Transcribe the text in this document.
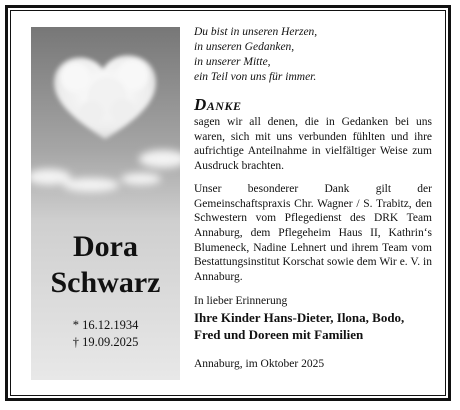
Dora
Schwarz
* 16.12.1934
† 19.09.2025
Du bist in unseren Herzen,
in unseren Gedanken,
in unserer Mitte,
ein Teil von uns für immer.
Danke

sagen wir all denen, die in Gedanken bei uns waren, sich mit uns verbunden fühlten und ihre aufrichtige Anteilnahme in vielfältiger Weise zum Ausdruck brachten.

Unser besonderer Dank gilt der Gemeinschaftspraxis Chr. Wagner / S. Trabitz, den Schwestern vom Pflegedienst des DRK Team Annaburg, dem Pflegeheim Haus II, Kathrin‘s Blumeneck, Nadine Lehnert und ihrem Team vom Bestattungsinstitut Korschat sowie dem Wir e. V. in Annaburg.

In lieber Erinnerung
Ihre Kinder Hans-Dieter, Ilona, Bodo,
Fred und Doreen mit Familien
Annaburg, im Oktober 2025
